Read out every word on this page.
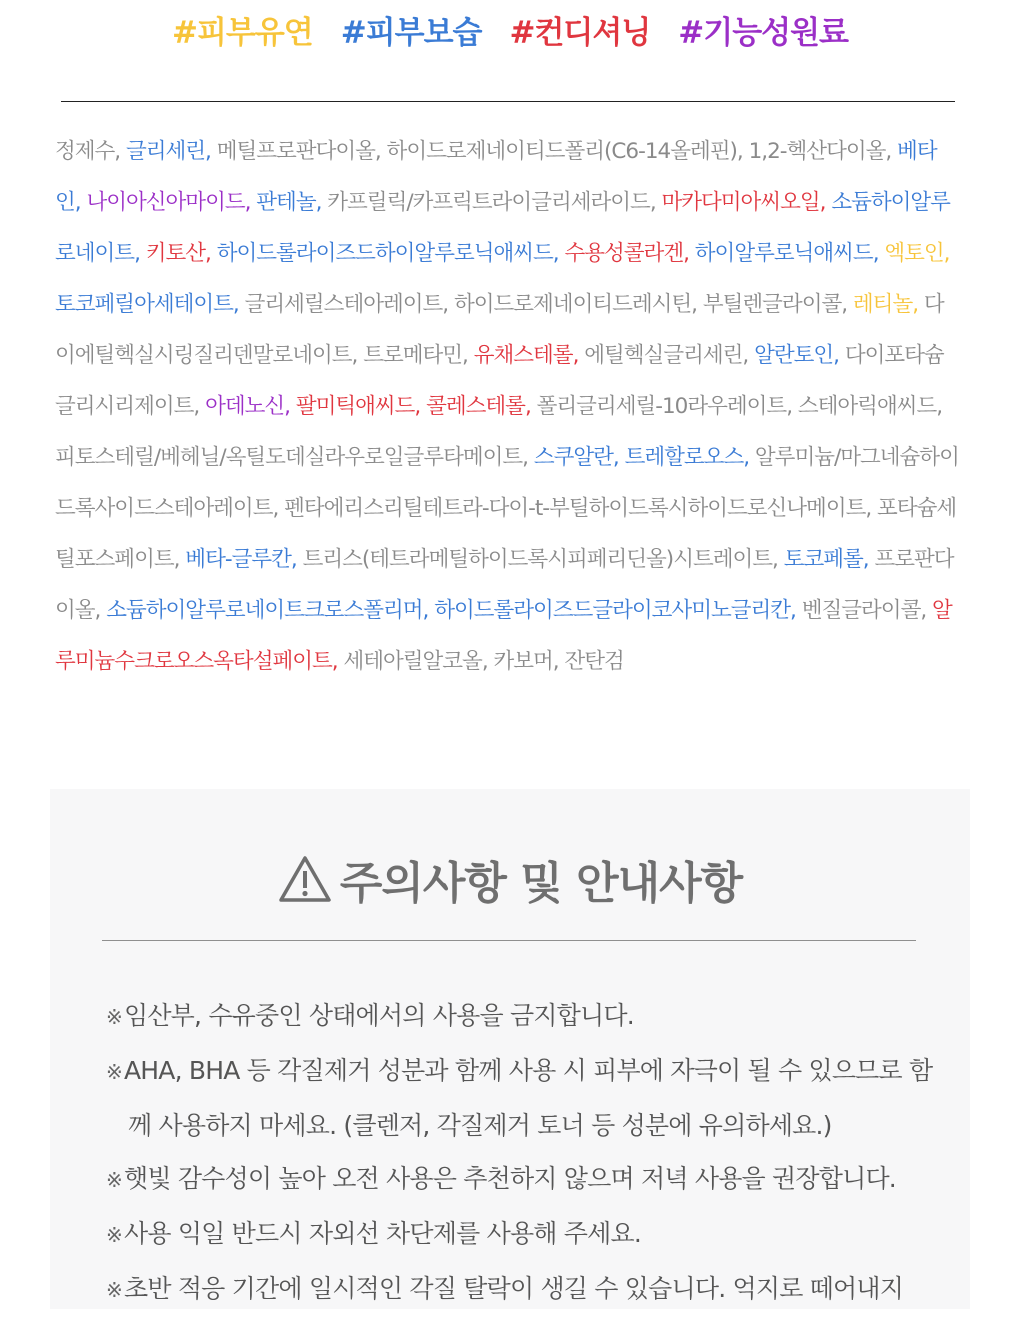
#피부유연 #피부보습 #컨디셔닝 #기능성원료
정제수, 글리세린, 메틸프로판다이올, 하이드로제네이티드폴리(C6-14올레핀), 1,2-헥산다이올, 베타인, 나이아신아마이드, 판테놀, 카프릴릭/카프릭트라이글리세라이드, 마카다미아씨오일, 소듐하이알루로네이트, 키토산, 하이드롤라이즈드하이알루로닉애씨드, 수용성콜라겐, 하이알루로닉애씨드, 엑토인, 토코페릴아세테이트, 글리세릴스테아레이트, 하이드로제네이티드레시틴, 부틸렌글라이콜, 레티놀, 다이에틸헥실시링질리덴말로네이트, 트로메타민, 유채스테롤, 에틸헥실글리세린, 알란토인, 다이포타슘글리시리제이트, 아데노신, 팔미틱애씨드, 콜레스테롤, 폴리글리세릴-10라우레이트, 스테아릭애씨드, 피토스테릴/베헤닐/옥틸도데실라우로일글루타메이트, 스쿠알란, 트레할로오스, 알루미늄/마그네슘하이드록사이드스테아레이트, 펜타에리스리틸테트라-다이-t-부틸하이드록시하이드로신나메이트, 포타슘세틸포스페이트, 베타-글루칸, 트리스(테트라메틸하이드록시피페리딘올)시트레이트, 토코페롤, 프로판다이올, 소듐하이알루로네이트크로스폴리머, 하이드롤라이즈드글라이코사미노글리칸, 벤질글라이콜, 알루미늄수크로오스옥타설페이트, 세테아릴알코올, 카보머, 잔탄검
주의사항 및 안내사항
※임산부, 수유중인 상태에서의 사용을 금지합니다.
※AHA, BHA 등 각질제거 성분과 함께 사용 시 피부에 자극이 될 수 있으므로 함께 사용하지 마세요. (클렌저, 각질제거 토너 등 성분에 유의하세요.)
※햇빛 감수성이 높아 오전 사용은 추천하지 않으며 저녁 사용을 권장합니다.
※사용 익일 반드시 자외선 차단제를 사용해 주세요.
※초반 적응 기간에 일시적인 각질 탈락이 생길 수 있습니다. 억지로 떼어내지
